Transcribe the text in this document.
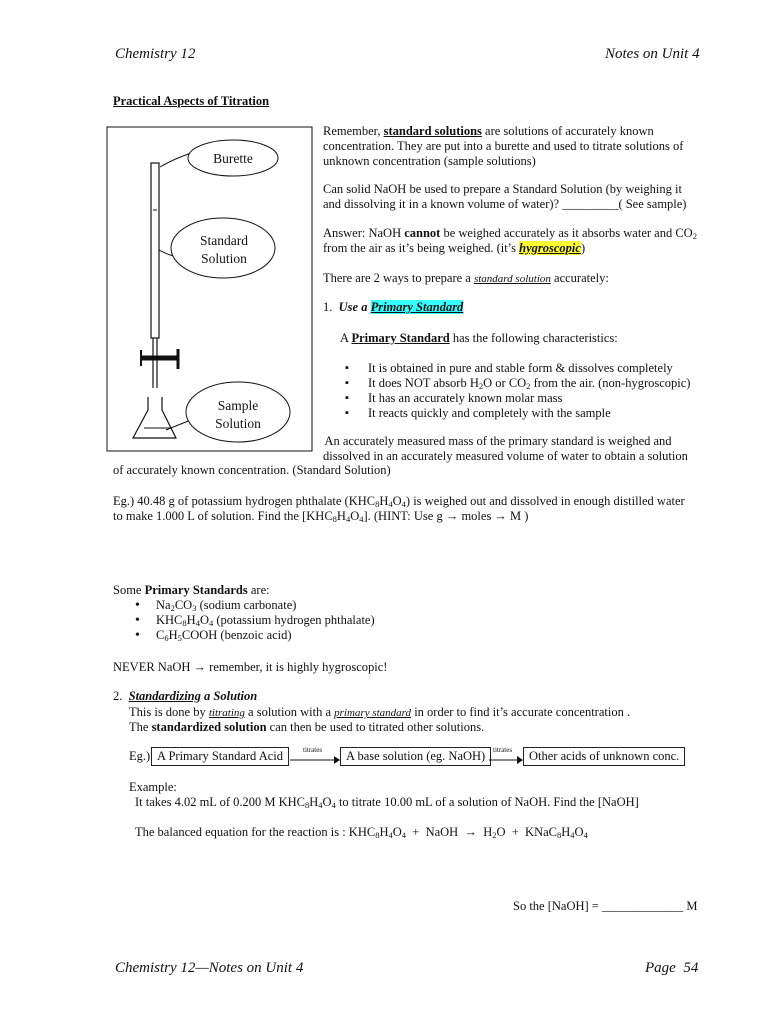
Chemistry 12	Notes on Unit 4
Practical Aspects of Titration
Burette
Standard
Solution
Sample
Solution
Remember, standard solutions are solutions of accurately known concentration. They are put into a burette and used to titrate solutions of unknown concentration (sample solutions)
Can solid NaOH be used to prepare a Standard Solution (by weighing it and dissolving it in a known volume of water)? _________( See sample)
Answer: NaOH cannot be weighed accurately as it absorbs water and $CO_2$ from the air as it’s being weighed. (it’s hygroscopic)
There are 2 ways to prepare a standard solution accurately:
1. Use a Primary Standard
A Primary Standard has the following characteristics:
▪ It is obtained in pure and stable form & dissolves completely
▪ It does NOT absorb $H_2O$ or $CO_2$ from the air. (non-hygroscopic)
▪ It has an accurately known molar mass
▪ It reacts quickly and completely with the sample
An accurately measured mass of the primary standard is weighed and
dissolved in an accurately measured volume of water to obtain a solution
of accurately known concentration. (Standard Solution)
Eg.) 40.48 g of potassium hydrogen phthalate $(KHC_8H_4O_4)$ is weighed out and dissolved in enough distilled water
to make 1.000 L of solution. Find the $[KHC_8H_4O_4]$. (HINT: Use g → moles → M )
Some Primary Standards are:
• $Na_2CO_3$ (sodium carbonate)
• $KHC_8H_4O_4$ (potassium hydrogen phthalate)
• $C_6H_5COOH$ (benzoic acid)
NEVER NaOH → remember, it is highly hygroscopic!
2. Standardizing a Solution
This is done by titrating a solution with a primary standard in order to find it’s accurate concentration .
The standardized solution can then be used to titrated other solutions.
Eg.) A Primary Standard Acid	titrates	A base solution (eg. NaOH)	titrates	Other acids of unknown conc.
Example:
It takes 4.02 mL of 0.200 M $KHC_8H_4O_4$ to titrate 10.00 mL of a solution of NaOH. Find the [NaOH]
The balanced equation for the reaction is : $KHC_8H_4O_4$  +  NaOH  →  $H_2O$  +  $KNaC_8H_4O_4$
So the [NaOH] = _____________ M
Chemistry 12—Notes on Unit 4	Page  54
